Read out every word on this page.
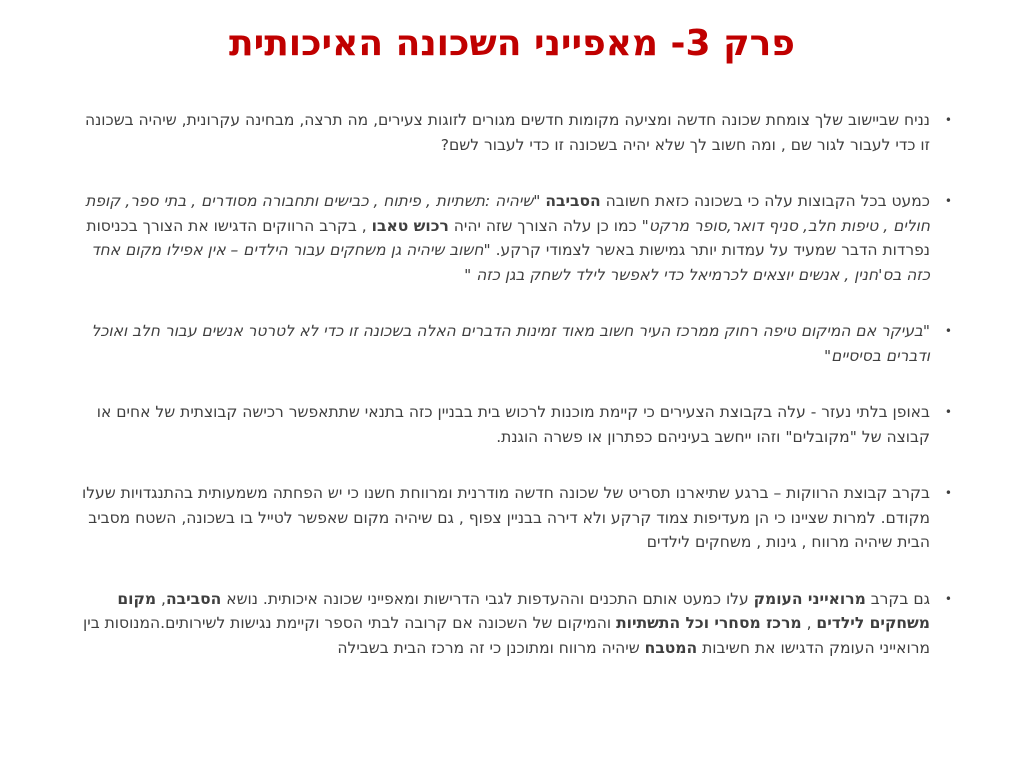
פרק 3- מאפייני השכונה האיכותית
•
נניח שביישוב שלך צומחת שכונה חדשה ומציעה מקומות חדשים מגורים לזוגות צעירים, מה תרצה, מבחינה עקרונית, שיהיה בשכונה זו כדי לעבור לגור שם , ומה חשוב לך שלא יהיה בשכונה זו כדי לעבור לשם?
•
כמעט בכל הקבוצות עלה כי בשכונה כזאת חשובה הסביבה "שיהיה :תשתיות , פיתוח , כבישים ותחבורה מסודרים , בתי ספר, קופת חולים , טיפות חלב, סניף דואר,סופר מרקט" כמו כן עלה הצורך שזה יהיה רכוש טאבו , בקרב הרווקים הדגישו את הצורך בכניסות נפרדות הדבר שמעיד על עמדות יותר גמישות באשר לצמודי קרקע. "חשוב שיהיה גן משחקים עבור הילדים – אין אפילו מקום אחד כזה בס'חנין , אנשים יוצאים לכרמיאל כדי לאפשר לילד לשחק בגן כזה "
•
"בעיקר אם המיקום טיפה רחוק ממרכז העיר חשוב מאוד זמינות הדברים האלה בשכונה זו כדי לא לטרטר אנשים עבור חלב ואוכל ודברים בסיסיים"
•
באופן בלתי נעזר - עלה בקבוצת הצעירים כי קיימת מוכנות לרכוש בית בבניין כזה בתנאי שתתאפשר רכישה קבוצתית של אחים או קבוצה של "מקובלים" וזהו ייחשב בעיניהם כפתרון או פשרה הוגנת.
•
בקרב קבוצת הרווקות – ברגע שתיארנו תסריט של שכונה חדשה מודרנית ומרווחת חשנו כי יש הפחתה משמעותית בהתנגדויות שעלו מקודם. למרות שציינו כי הן מעדיפות צמוד קרקע ולא דירה בבניין צפוף , גם שיהיה מקום שאפשר לטייל בו בשכונה, השטח מסביב הבית שיהיה מרווח , גינות , משחקים לילדים
•
גם בקרב מרואייני העומק עלו כמעט אותם התכנים וההעדפות לגבי הדרישות ומאפייני שכונה איכותית. נושא הסביבה, מקום משחקים לילדים , מרכז מסחרי וכל התשתיות והמיקום של השכונה אם קרובה לבתי הספר וקיימת נגישות לשירותים.המנוסות בין מרואייני העומק הדגישו את חשיבות המטבח שיהיה מרווח ומתוכנן כי זה מרכז הבית בשבילה
